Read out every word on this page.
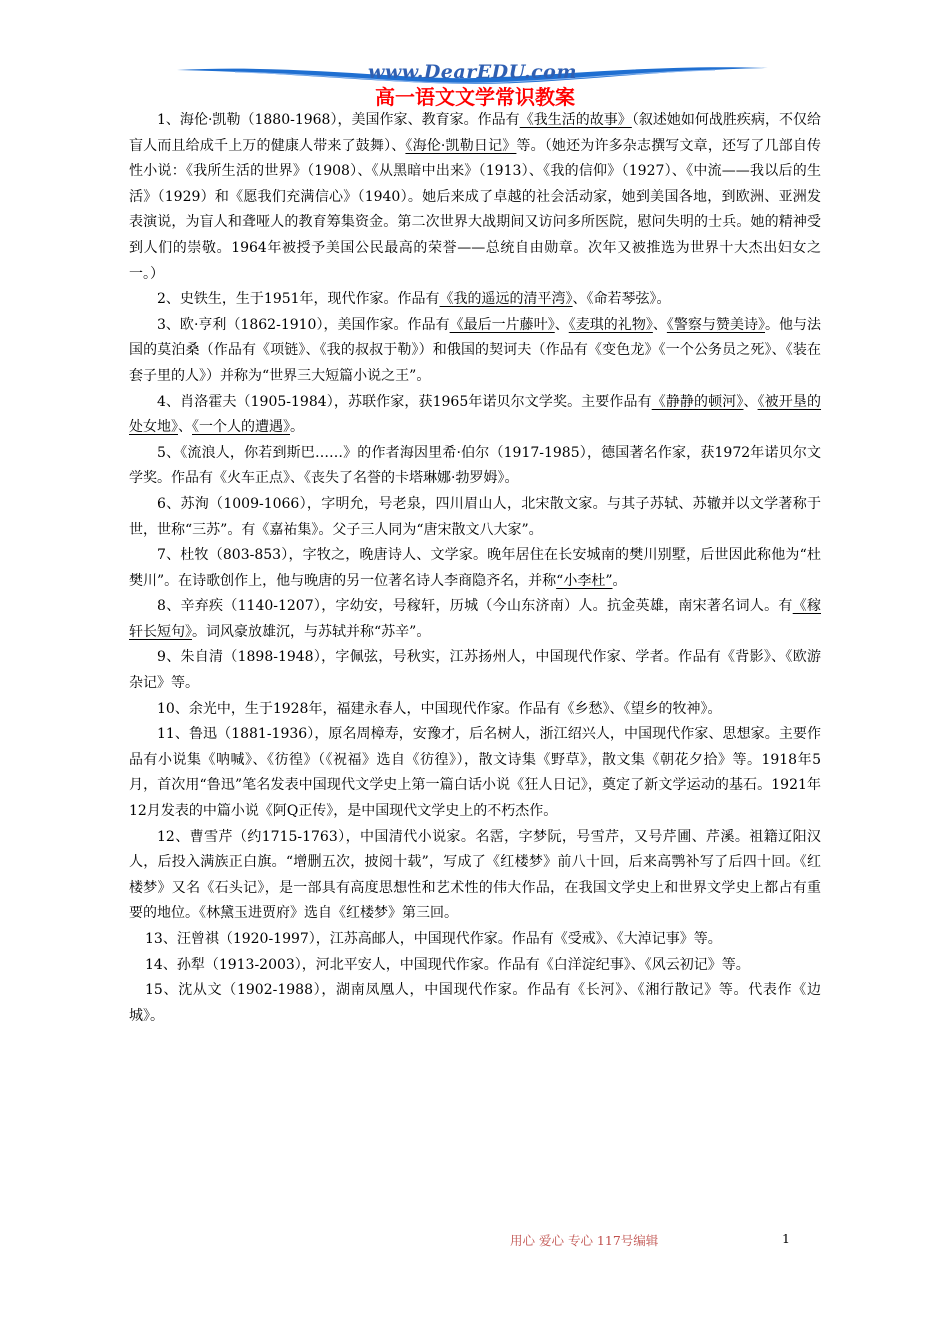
www.DearEDU.com
高一语文文学常识教案

1、海伦·凯勒（1880-1968），美国作家、教育家。作品有《我生活的故事》（叙述她如何战胜疾病，不仅给盲人而且给成千上万的健康人带来了鼓舞）、《海伦·凯勒日记》等。（她还为许多杂志撰写文章，还写了几部自传性小说：《我所生活的世界》（1908）、《从黑暗中出来》（1913）、《我的信仰》（1927）、《中流——我以后的生活》（1929）和《愿我们充满信心》（1940）。她后来成了卓越的社会活动家，她到美国各地，到欧洲、亚洲发表演说，为盲人和聋哑人的教育筹集资金。第二次世界大战期间又访问多所医院，慰问失明的士兵。她的精神受到人们的崇敬。1964年被授予美国公民最高的荣誉——总统自由勋章。次年又被推选为世界十大杰出妇女之一。）

2、史铁生，生于1951年，现代作家。作品有《我的遥远的清平湾》、《命若琴弦》。

3、欧·亨利（1862-1910），美国作家。作品有《最后一片藤叶》、《麦琪的礼物》、《警察与赞美诗》。他与法国的莫泊桑（作品有《项链》、《我的叔叔于勒》）和俄国的契诃夫（作品有《变色龙》《一个公务员之死》、《装在套子里的人》）并称为“世界三大短篇小说之王”。

4、肖洛霍夫（1905-1984），苏联作家，获1965年诺贝尔文学奖。主要作品有《静静的顿河》、《被开垦的处女地》、《一个人的遭遇》。

5、《流浪人，你若到斯巴……》的作者海因里希·伯尔（1917-1985），德国著名作家，获1972年诺贝尔文学奖。作品有《火车正点》、《丧失了名誉的卡塔琳娜·勃罗姆》。

6、苏洵（1009-1066），字明允，号老泉，四川眉山人，北宋散文家。与其子苏轼、苏辙并以文学著称于世，世称“三苏”。有《嘉祐集》。父子三人同为“唐宋散文八大家”。

7、杜牧（803-853），字牧之，晚唐诗人、文学家。晚年居住在长安城南的樊川别墅，后世因此称他为“杜樊川”。在诗歌创作上，他与晚唐的另一位著名诗人李商隐齐名，并称“小李杜”。

8、辛弃疾（1140-1207），字幼安，号稼轩，历城（今山东济南）人。抗金英雄，南宋著名词人。有《稼轩长短句》。词风豪放雄沉，与苏轼并称“苏辛”。

9、朱自清（1898-1948），字佩弦，号秋实，江苏扬州人，中国现代作家、学者。作品有《背影》、《欧游杂记》等。

10、余光中，生于1928年，福建永春人，中国现代作家。作品有《乡愁》、《望乡的牧神》。

11、鲁迅（1881-1936），原名周樟寿，安豫才，后名树人，浙江绍兴人，中国现代作家、思想家。主要作品有小说集《呐喊》、《彷徨》（《祝福》选自《彷徨》），散文诗集《野草》，散文集《朝花夕拾》等。1918年5月，首次用“鲁迅”笔名发表中国现代文学史上第一篇白话小说《狂人日记》，奠定了新文学运动的基石。1921年12月发表的中篇小说《阿Q正传》，是中国现代文学史上的不朽杰作。

12、曹雪芹（约1715-1763），中国清代小说家。名霑，字梦阮，号雪芹，又号芹圃、芹溪。祖籍辽阳汉人，后投入满族正白旗。“增删五次，披阅十载”，写成了《红楼梦》前八十回，后来高鹗补写了后四十回。《红楼梦》又名《石头记》，是一部具有高度思想性和艺术性的伟大作品，在我国文学史上和世界文学史上都占有重要的地位。《林黛玉进贾府》选自《红楼梦》第三回。

13、汪曾祺（1920-1997），江苏高邮人，中国现代作家。作品有《受戒》、《大淖记事》等。

14、孙犁（1913-2003），河北平安人，中国现代作家。作品有《白洋淀纪事》、《风云初记》等。

15、沈从文（1902-1988），湖南凤凰人，中国现代作家。作品有《长河》、《湘行散记》等。代表作《边城》。

用心 爱心 专心 117号编辑	1
